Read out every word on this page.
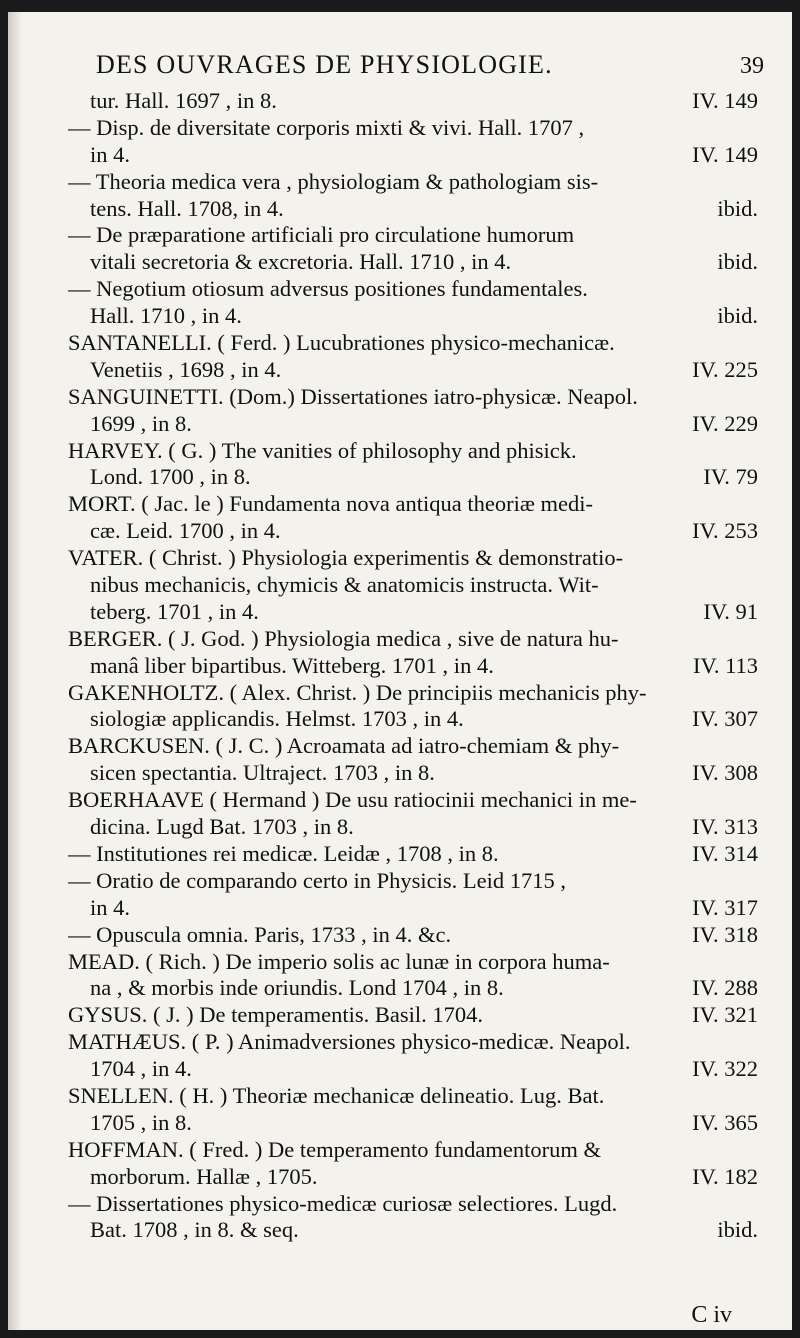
DES OUVRAGES DE PHYSIOLOGIE.	39
tur. Hall. 1697 , in 8.	IV. 149
— Disp. de diversitate corporis mixti & vivi. Hall. 1707 ,
in 4.	IV. 149
— Theoria medica vera , physiologiam & pathologiam sis-
tens. Hall. 1708, in 4.	ibid.
— De præparatione artificiali pro circulatione humorum
vitali secretoria & excretoria. Hall. 1710 , in 4.	ibid.
— Negotium otiosum adversus positiones fundamentales.
Hall. 1710 , in 4.	ibid.
SANTANELLI. ( Ferd. ) Lucubrationes physico-mechanicæ.
Venetiis , 1698 , in 4.	IV. 225
SANGUINETTI. (Dom.) Dissertationes iatro-physicæ. Neapol.
1699 , in 8.	IV. 229
HARVEY. ( G. ) The vanities of philosophy and phisick.
Lond. 1700 , in 8.	IV. 79
MORT. ( Jac. le ) Fundamenta nova antiqua theoriæ medi-
cæ. Leid. 1700 , in 4.	IV. 253
VATER. ( Christ. ) Physiologia experimentis & demonstratio-
nibus mechanicis, chymicis & anatomicis instructa. Wit-
teberg. 1701 , in 4.	IV. 91
BERGER. ( J. God. ) Physiologia medica , sive de natura hu-
manâ liber bipartibus. Witteberg. 1701 , in 4.	IV. 113
GAKENHOLTZ. ( Alex. Christ. ) De principiis mechanicis phy-
siologiæ applicandis. Helmst. 1703 , in 4.	IV. 307
BARCKUSEN. ( J. C. ) Acroamata ad iatro-chemiam & phy-
sicen spectantia. Ultraject. 1703 , in 8.	IV. 308
BOERHAAVE ( Hermand ) De usu ratiocinii mechanici in me-
dicina. Lugd Bat. 1703 , in 8.	IV. 313
— Institutiones rei medicæ. Leidæ , 1708 , in 8.	IV. 314
— Oratio de comparando certo in Physicis. Leid 1715 ,
in 4.	IV. 317
— Opuscula omnia. Paris, 1733 , in 4. &c.	IV. 318
MEAD. ( Rich. ) De imperio solis ac lunæ in corpora huma-
na , & morbis inde oriundis. Lond 1704 , in 8.	IV. 288
GYSUS. ( J. ) De temperamentis. Basil. 1704.	IV. 321
MATHÆUS. ( P. ) Animadversiones physico-medicæ. Neapol.
1704 , in 4.	IV. 322
SNELLEN. ( H. ) Theoriæ mechanicæ delineatio. Lug. Bat.
1705 , in 8.	IV. 365
HOFFMAN. ( Fred. ) De temperamento fundamentorum &
morborum. Hallæ , 1705.	IV. 182
— Dissertationes physico-medicæ curiosæ selectiores. Lugd.
Bat. 1708 , in 8. & seq.	ibid.
C iv
